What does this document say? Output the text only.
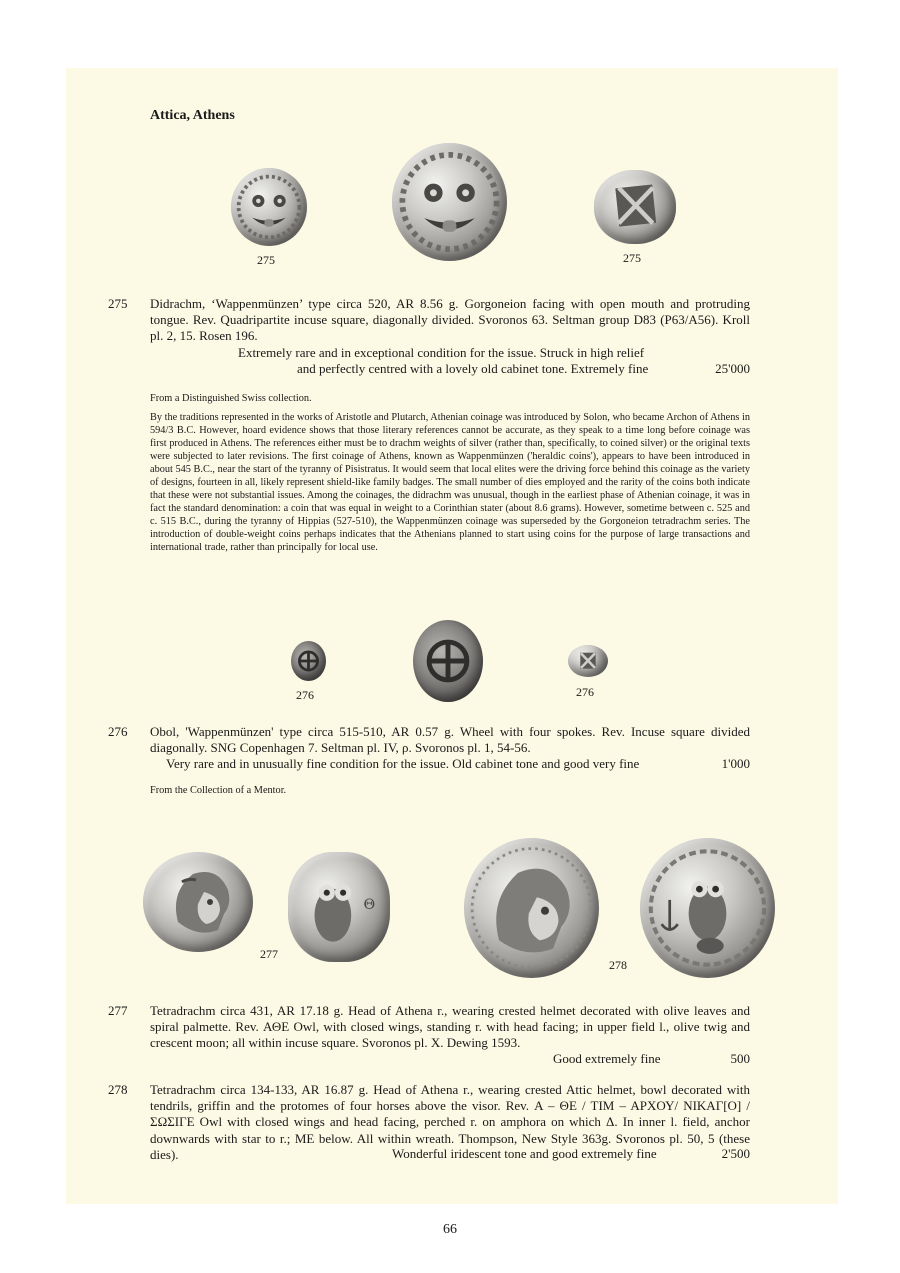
Attica, Athens
275	275
275 Didrachm, ‘Wappenmünzen’ type circa 520, AR 8.56 g. Gorgoneion facing with open mouth and protruding tongue. Rev. Quadripartite incuse square, diagonally divided. Svoronos 63. Seltman group D83 (P63/A56). Kroll pl. 2, 15. Rosen 196.
Extremely rare and in exceptional condition for the issue. Struck in high relief
and perfectly centred with a lovely old cabinet tone. Extremely fine	25'000
From a Distinguished Swiss collection.
By the traditions represented in the works of Aristotle and Plutarch, Athenian coinage was introduced by Solon, who became Archon of Athens in 594/3 B.C. However, hoard evidence shows that those literary references cannot be accurate, as they speak to a time long before coinage was first produced in Athens. The references either must be to drachm weights of silver (rather than, specifically, to coined silver) or the original texts were subjected to later revisions. The first coinage of Athens, known as Wappenmünzen ('heraldic coins'), appears to have been introduced in about 545 B.C., near the start of the tyranny of Pisistratus. It would seem that local elites were the driving force behind this coinage as the variety of designs, fourteen in all, likely represent shield-like family badges. The small number of dies employed and the rarity of the coins both indicate that these were not substantial issues. Among the coinages, the didrachm was unusual, though in the earliest phase of Athenian coinage, it was in fact the standard denomination: a coin that was equal in weight to a Corinthian stater (about 8.6 grams). However, sometime between c. 525 and c. 515 B.C., during the tyranny of Hippias (527-510), the Wappenmünzen coinage was superseded by the Gorgoneion tetradrachm series. The introduction of double-weight coins perhaps indicates that the Athenians planned to start using coins for the purpose of large transactions and international trade, rather than principally for local use.
276	276
276 Obol, 'Wappenmünzen' type circa 515-510, AR 0.57 g. Wheel with four spokes. Rev. Incuse square divided diagonally. SNG Copenhagen 7. Seltman pl. IV, ρ. Svoronos pl. 1, 54-56.
Very rare and in unusually fine condition for the issue. Old cabinet tone and good very fine	1'000
From the Collection of a Mentor.
Θ
277
278
277 Tetradrachm circa 431, AR 17.18 g. Head of Athena r., wearing crested helmet decorated with olive leaves and spiral palmette. Rev. ΑΘΕ Owl, with closed wings, standing r. with head facing; in upper field l., olive twig and crescent moon; all within incuse square. Svoronos pl. X. Dewing 1593.
Good extremely fine	500
278 Tetradrachm circa 134-133, AR 16.87 g. Head of Athena r., wearing crested Attic helmet, bowl decorated with tendrils, griffin and the protomes of four horses above the visor. Rev. Α – ΘΕ / ΤΙΜ – ΑΡΧΟΥ/ ΝΙΚΑΓ[Ο] / ΣΩΣΙΓΕ Owl with closed wings and head facing, perched r. on amphora on which Δ. In inner l. field, anchor downwards with star to r.; ΜΕ below. All within wreath. Thompson, New Style 363g. Svoronos pl. 50, 5 (these dies).	Wonderful iridescent tone and good extremely fine	2'500
66
